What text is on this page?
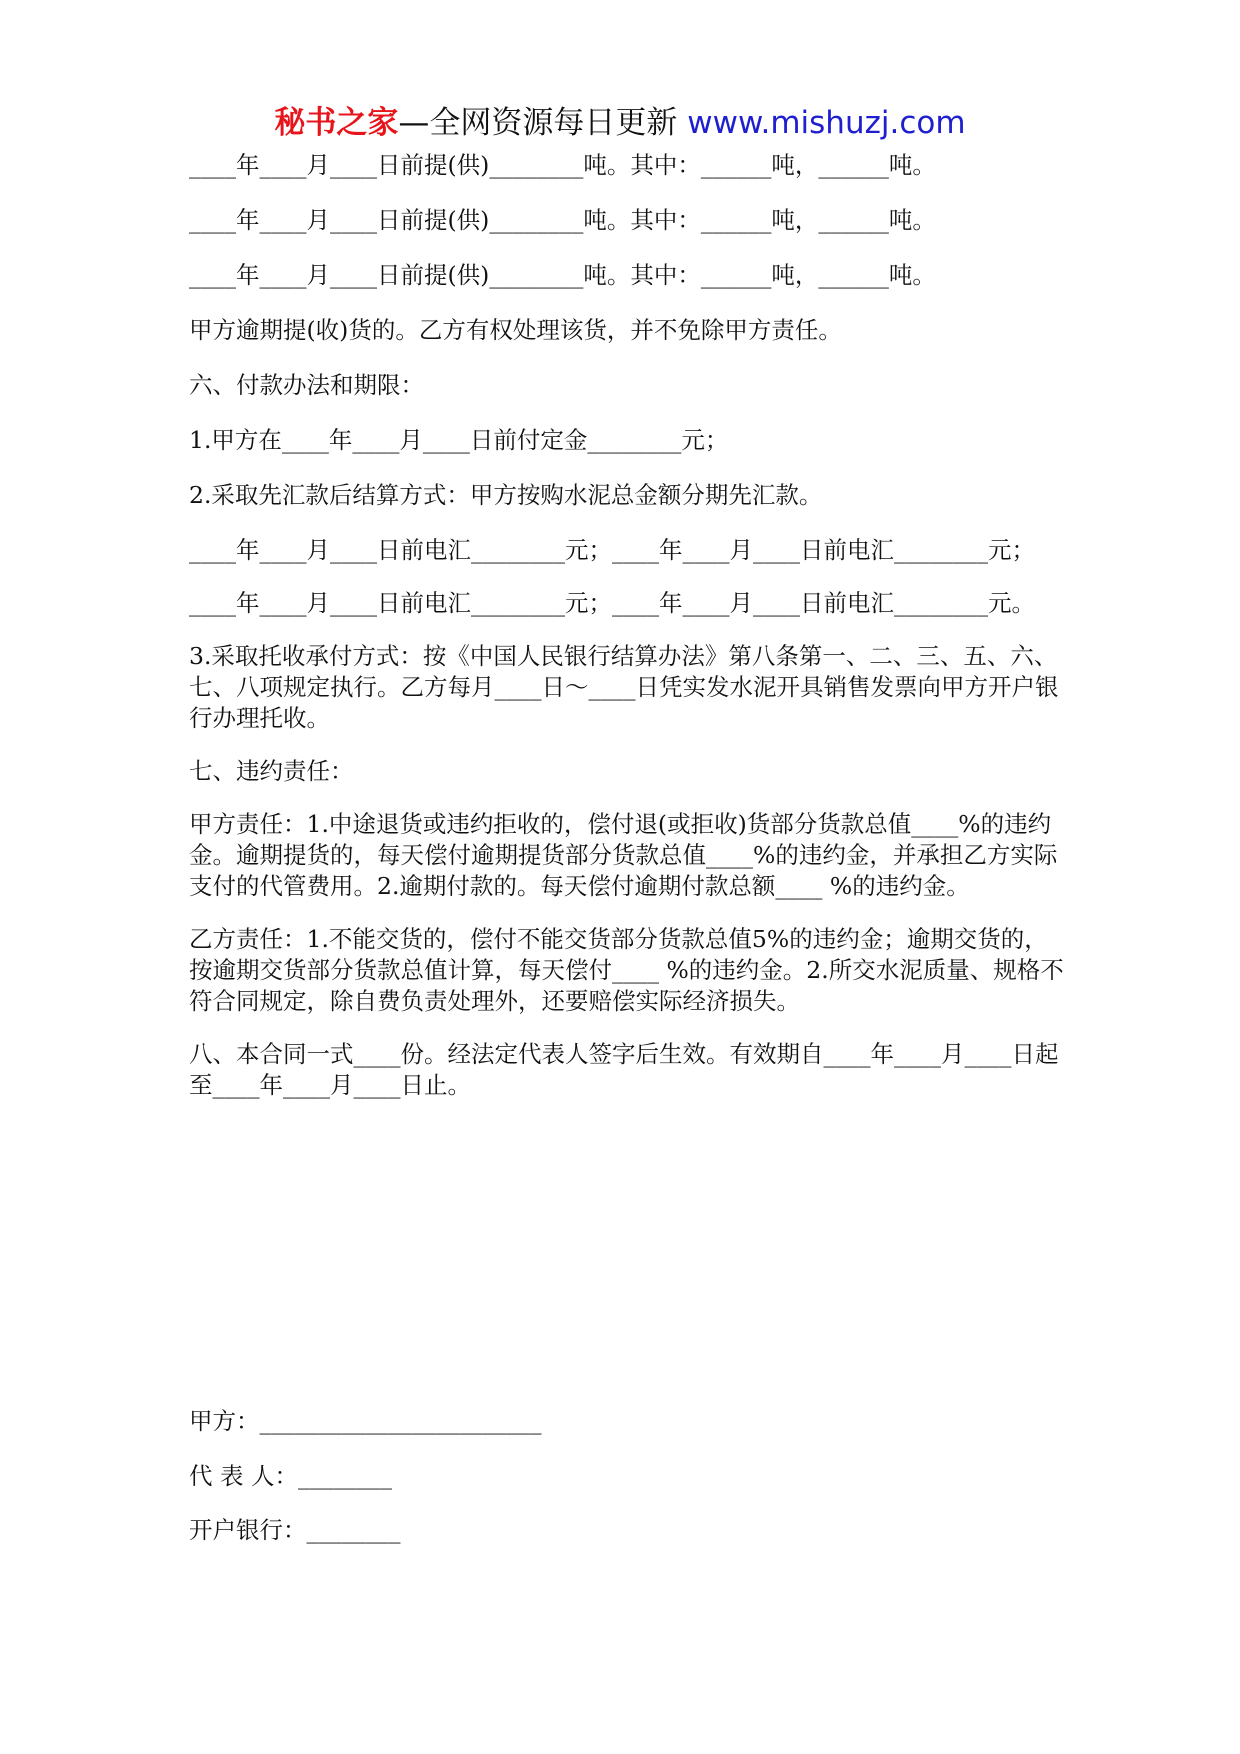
秘书之家—全网资源每日更新 www.mishuzj.com

____年____月____日前提(供)________吨。其中：______吨，______吨。

____年____月____日前提(供)________吨。其中：______吨，______吨。

____年____月____日前提(供)________吨。其中：______吨，______吨。

甲方逾期提(收)货的。乙方有权处理该货，并不免除甲方责任。

六、付款办法和期限：

1.甲方在____年____月____日前付定金________元；

2.采取先汇款后结算方式：甲方按购水泥总金额分期先汇款。

____年____月____日前电汇________元；____年____月____日前电汇________元；

____年____月____日前电汇________元；____年____月____日前电汇________元。

3.采取托收承付方式：按《中国人民银行结算办法》第八条第一、二、三、五、六、七、八项规定执行。乙方每月____日～____日凭实发水泥开具销售发票向甲方开户银行办理托收。

七、违约责任：

甲方责任：1.中途退货或违约拒收的，偿付退(或拒收)货部分货款总值____%的违约金。逾期提货的，每天偿付逾期提货部分货款总值____%的违约金，并承担乙方实际支付的代管费用。2.逾期付款的。每天偿付逾期付款总额____ %的违约金。

乙方责任：1.不能交货的，偿付不能交货部分货款总值5%的违约金；逾期交货的，按逾期交货部分货款总值计算，每天偿付____ %的违约金。2.所交水泥质量、规格不符合同规定，除自费负责处理外，还要赔偿实际经济损失。

八、本合同一式____份。经法定代表人签字后生效。有效期自____年____月____日起至____年____月____日止。

甲方：________________________

代 表 人：________

开户银行：________
